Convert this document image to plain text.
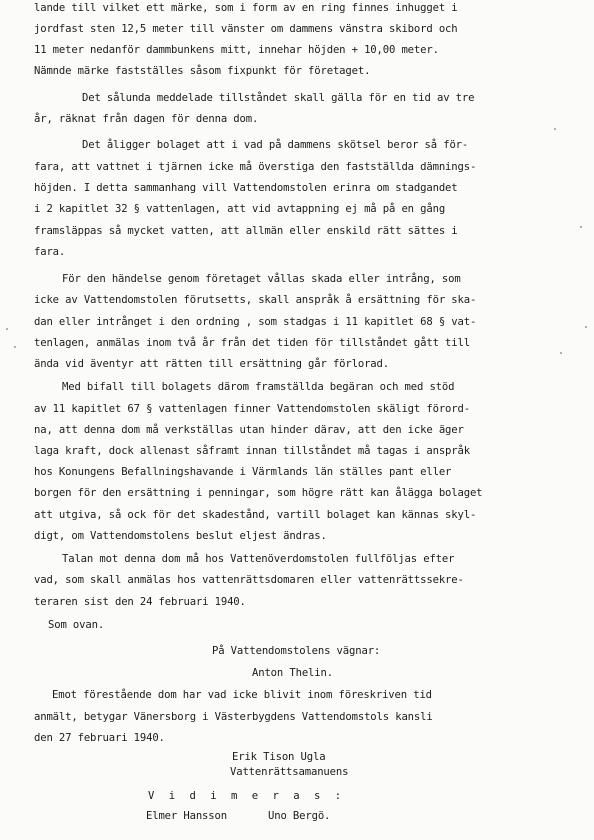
lande till vilket ett märke, som i form av en ring finnes inhugget i
jordfast sten 12,5 meter till vänster om dammens vänstra skibord och
11 meter nedanför dammbunkens mitt, innehar höjden + 10,00 meter.
Nämnde märke fastställes såsom fixpunkt för företaget.
Det sålunda meddelade tillståndet skall gälla för en tid av tre
år, räknat från dagen för denna dom.
Det åligger bolaget att i vad på dammens skötsel beror så för-
fara, att vattnet i tjärnen icke må överstiga den fastställda dämnings-
höjden. I detta sammanhang vill Vattendomstolen erinra om stadgandet
i 2 kapitlet 32 § vattenlagen, att vid avtappning ej må på en gång
framsläppas så mycket vatten, att allmän eller enskild rätt sättes i
fara.
För den händelse genom företaget vållas skada eller intrång, som
icke av Vattendomstolen förutsetts, skall anspråk å ersättning för ska-
dan eller intrånget i den ordning , som stadgas i 11 kapitlet 68 § vat-
tenlagen, anmälas inom två år från det tiden för tillståndet gått till
ända vid äventyr att rätten till ersättning går förlorad.
Med bifall till bolagets därom framställda begäran och med stöd
av 11 kapitlet 67 § vattenlagen finner Vattendomstolen skäligt förord-
na, att denna dom må verkställas utan hinder därav, att den icke äger
laga kraft, dock allenast såframt innan tillståndet må tagas i anspråk
hos Konungens Befallningshavande i Värmlands län ställes pant eller
borgen för den ersättning i penningar, som högre rätt kan ålägga bolaget
att utgiva, så ock för det skadestånd, vartill bolaget kan kännas skyl-
digt, om Vattendomstolens beslut eljest ändras.
Talan mot denna dom må hos Vattenöverdomstolen fullföljas efter
vad, som skall anmälas hos vattenrättsdomaren eller vattenrättssekre-
teraren sist den 24 februari 1940.
Som ovan.
På Vattendomstolens vägnar:
Anton Thelin.
Emot förestående dom har vad icke blivit inom föreskriven tid
anmält, betygar Vänersborg i Västerbygdens Vattendomstols kansli
den 27 februari 1940.
Erik Tison Ugla
Vattenrättsamanuens
V i d i m e r a s :
Elmer Hansson	Uno Bergö.
